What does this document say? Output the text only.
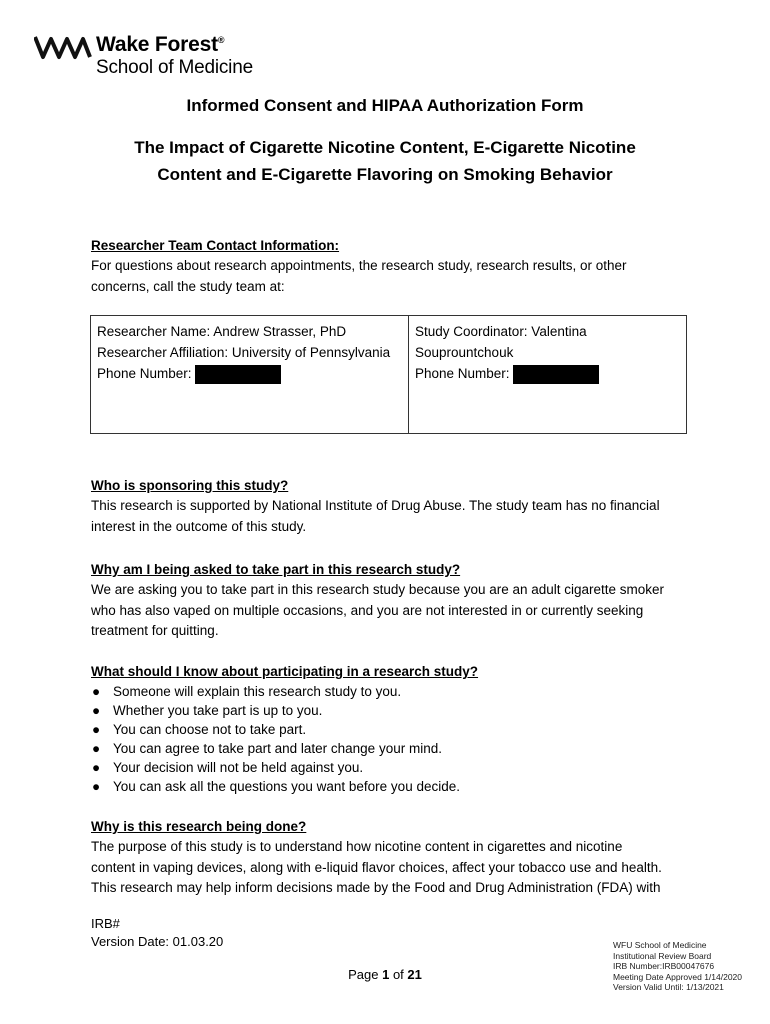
Wake Forest®
School of Medicine
Informed Consent and HIPAA Authorization Form
The Impact of Cigarette Nicotine Content, E-Cigarette Nicotine
Content and E-Cigarette Flavoring on Smoking Behavior
Researcher Team Contact Information:
For questions about research appointments, the research study, research results, or other
concerns, call the study team at:
Researcher Name: Andrew Strasser, PhD
Researcher Affiliation: University of Pennsylvania
Phone Number:
Study Coordinator: Valentina
Souprountchouk
Phone Number:
Who is sponsoring this study?
This research is supported by National Institute of Drug Abuse. The study team has no financial
interest in the outcome of this study.
Why am I being asked to take part in this research study?
We are asking you to take part in this research study because you are an adult cigarette smoker
who has also vaped on multiple occasions, and you are not interested in or currently seeking
treatment for quitting.
What should I know about participating in a research study?
● Someone will explain this research study to you.
● Whether you take part is up to you.
● You can choose not to take part.
● You can agree to take part and later change your mind.
● Your decision will not be held against you.
● You can ask all the questions you want before you decide.
Why is this research being done?
The purpose of this study is to understand how nicotine content in cigarettes and nicotine
content in vaping devices, along with e-liquid flavor choices, affect your tobacco use and health.
This research may help inform decisions made by the Food and Drug Administration (FDA) with
IRB#
Version Date: 01.03.20
Page 1 of 21
WFU School of Medicine
Institutional Review Board
IRB Number:IRB00047676
Meeting Date Approved 1/14/2020
Version Valid Until: 1/13/2021
